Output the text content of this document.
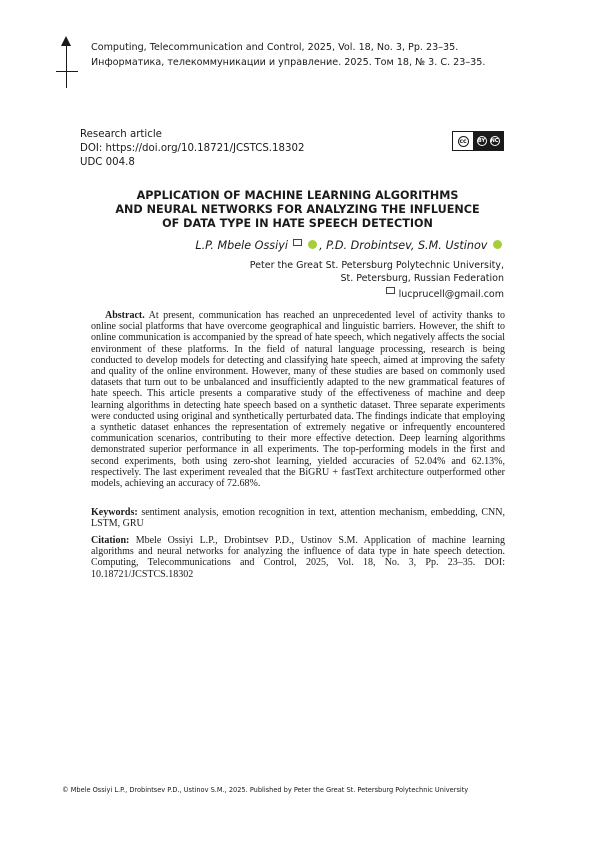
Computing, Telecommunication and Control, 2025, Vol. 18, No. 3, Pp. 23–35.
Информатика, телекоммуникации и управление. 2025. Том 18, № 3. С. 23–35.
Research article
DOI: https://doi.org/10.18721/JCSTCS.18302
UDC 004.8
cc	BY NC
APPLICATION OF MACHINE LEARNING ALGORITHMS
AND NEURAL NETWORKS FOR ANALYZING THE INFLUENCE
OF DATA TYPE IN HATE SPEECH DETECTION
L.P. Mbele Ossiyi	, P.D. Drobintsev, S.M. Ustinov
Peter the Great St. Petersburg Polytechnic University,
St. Petersburg, Russian Federation
lucprucell@gmail.com
Abstract. At present, communication has reached an unprecedented level of activity thanks to online social platforms that have overcome geographical and linguistic barriers. However, the shift to online communication is accompanied by the spread of hate speech, which negatively affects the social environment of these platforms. In the field of natural language processing, research is being conducted to develop models for detecting and classifying hate speech, aimed at improving the safety and quality of the online environment. However, many of these studies are based on commonly used datasets that turn out to be unbalanced and insufficiently adapted to the new grammatical features of hate speech. This article presents a comparative study of the effectiveness of machine and deep learning algorithms in detecting hate speech based on a synthetic dataset. Three separate experiments were conducted using original and synthetically perturbated data. The findings indicate that employing a synthetic dataset enhances the representation of extremely negative or infrequently encountered communication scenarios, contributing to their more effective detection. Deep learning algorithms demonstrated superior performance in all experiments. The top-performing models in the first and second experiments, both using zero-shot learning, yielded accuracies of 52.04% and 62.13%, respectively. The last experiment revealed that the BiGRU + fastText architecture outperformed other models, achieving an accuracy of 72.68%.
Keywords: sentiment analysis, emotion recognition in text, attention mechanism, embedding, CNN, LSTM, GRU
Citation: Mbele Ossiyi L.P., Drobintsev P.D., Ustinov S.M. Application of machine learning algorithms and neural networks for analyzing the influence of data type in hate speech detection. Computing, Telecommunications and Control, 2025, Vol. 18, No. 3, Pp. 23–35. DOI: 10.18721/JCSTCS.18302
© Mbele Ossiyi L.P., Drobintsev P.D., Ustinov S.M., 2025. Published by Peter the Great St. Petersburg Polytechnic University
